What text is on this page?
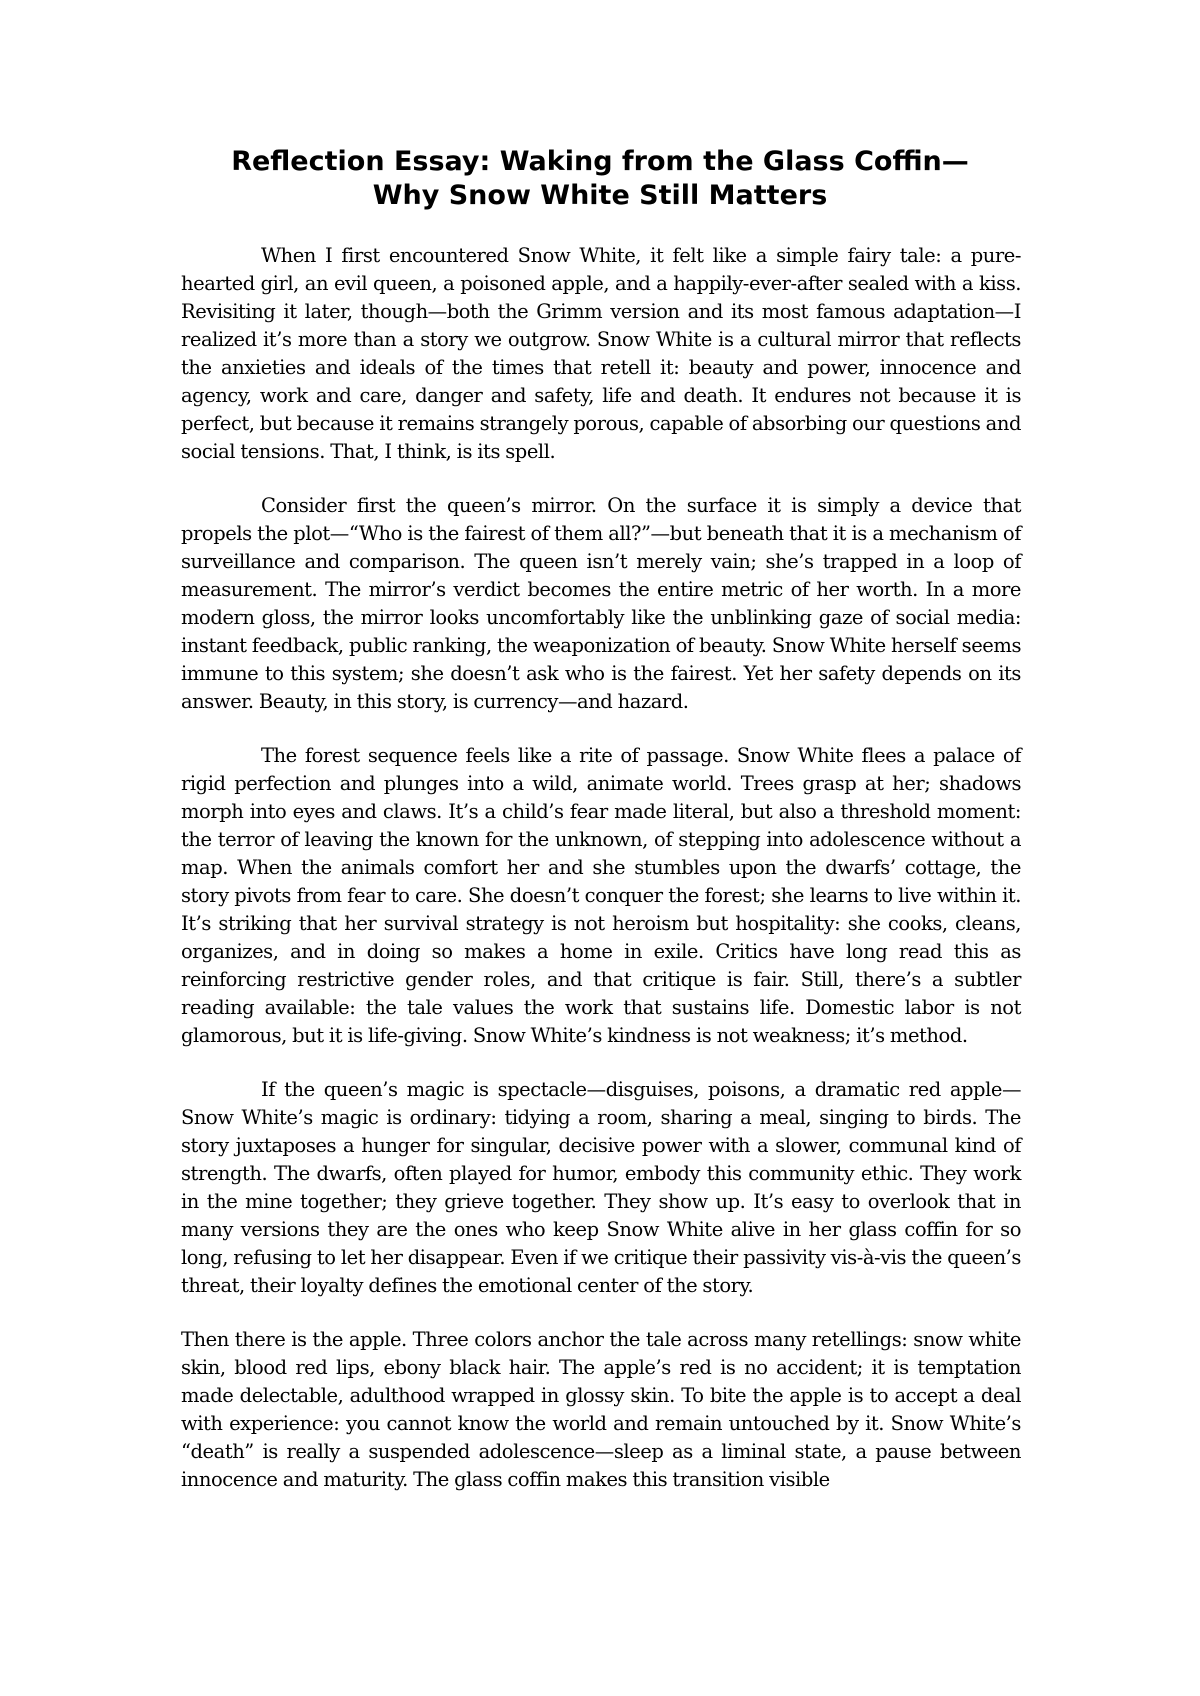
Reflection Essay: Waking from the Glass Coffin—
Why Snow White Still Matters

When I first encountered Snow White, it felt like a simple fairy tale: a pure-hearted girl, an evil queen, a poisoned apple, and a happily-ever-after sealed with a kiss. Revisiting it later, though—both the Grimm version and its most famous adaptation—I realized it’s more than a story we outgrow. Snow White is a cultural mirror that reflects the anxieties and ideals of the times that retell it: beauty and power, innocence and agency, work and care, danger and safety, life and death. It endures not because it is perfect, but because it remains strangely porous, capable of absorbing our questions and social tensions. That, I think, is its spell.

Consider first the queen’s mirror. On the surface it is simply a device that propels the plot—“Who is the fairest of them all?”—but beneath that it is a mechanism of surveillance and comparison. The queen isn’t merely vain; she’s trapped in a loop of measurement. The mirror’s verdict becomes the entire metric of her worth. In a more modern gloss, the mirror looks uncomfortably like the unblinking gaze of social media: instant feedback, public ranking, the weaponization of beauty. Snow White herself seems immune to this system; she doesn’t ask who is the fairest. Yet her safety depends on its answer. Beauty, in this story, is currency—and hazard.

The forest sequence feels like a rite of passage. Snow White flees a palace of rigid perfection and plunges into a wild, animate world. Trees grasp at her; shadows morph into eyes and claws. It’s a child’s fear made literal, but also a threshold moment: the terror of leaving the known for the unknown, of stepping into adolescence without a map. When the animals comfort her and she stumbles upon the dwarfs’ cottage, the story pivots from fear to care. She doesn’t conquer the forest; she learns to live within it. It’s striking that her survival strategy is not heroism but hospitality: she cooks, cleans, organizes, and in doing so makes a home in exile. Critics have long read this as reinforcing restrictive gender roles, and that critique is fair. Still, there’s a subtler reading available: the tale values the work that sustains life. Domestic labor is not glamorous, but it is life-giving. Snow White’s kindness is not weakness; it’s method.

If the queen’s magic is spectacle—disguises, poisons, a dramatic red apple—Snow White’s magic is ordinary: tidying a room, sharing a meal, singing to birds. The story juxtaposes a hunger for singular, decisive power with a slower, communal kind of strength. The dwarfs, often played for humor, embody this community ethic. They work in the mine together; they grieve together. They show up. It’s easy to overlook that in many versions they are the ones who keep Snow White alive in her glass coffin for so long, refusing to let her disappear. Even if we critique their passivity vis-à-vis the queen’s threat, their loyalty defines the emotional center of the story.

Then there is the apple. Three colors anchor the tale across many retellings: snow white skin, blood red lips, ebony black hair. The apple’s red is no accident; it is temptation made delectable, adulthood wrapped in glossy skin. To bite the apple is to accept a deal with experience: you cannot know the world and remain untouched by it. Snow White’s “death” is really a suspended adolescence—sleep as a liminal state, a pause between innocence and maturity. The glass coffin makes this transition visible
